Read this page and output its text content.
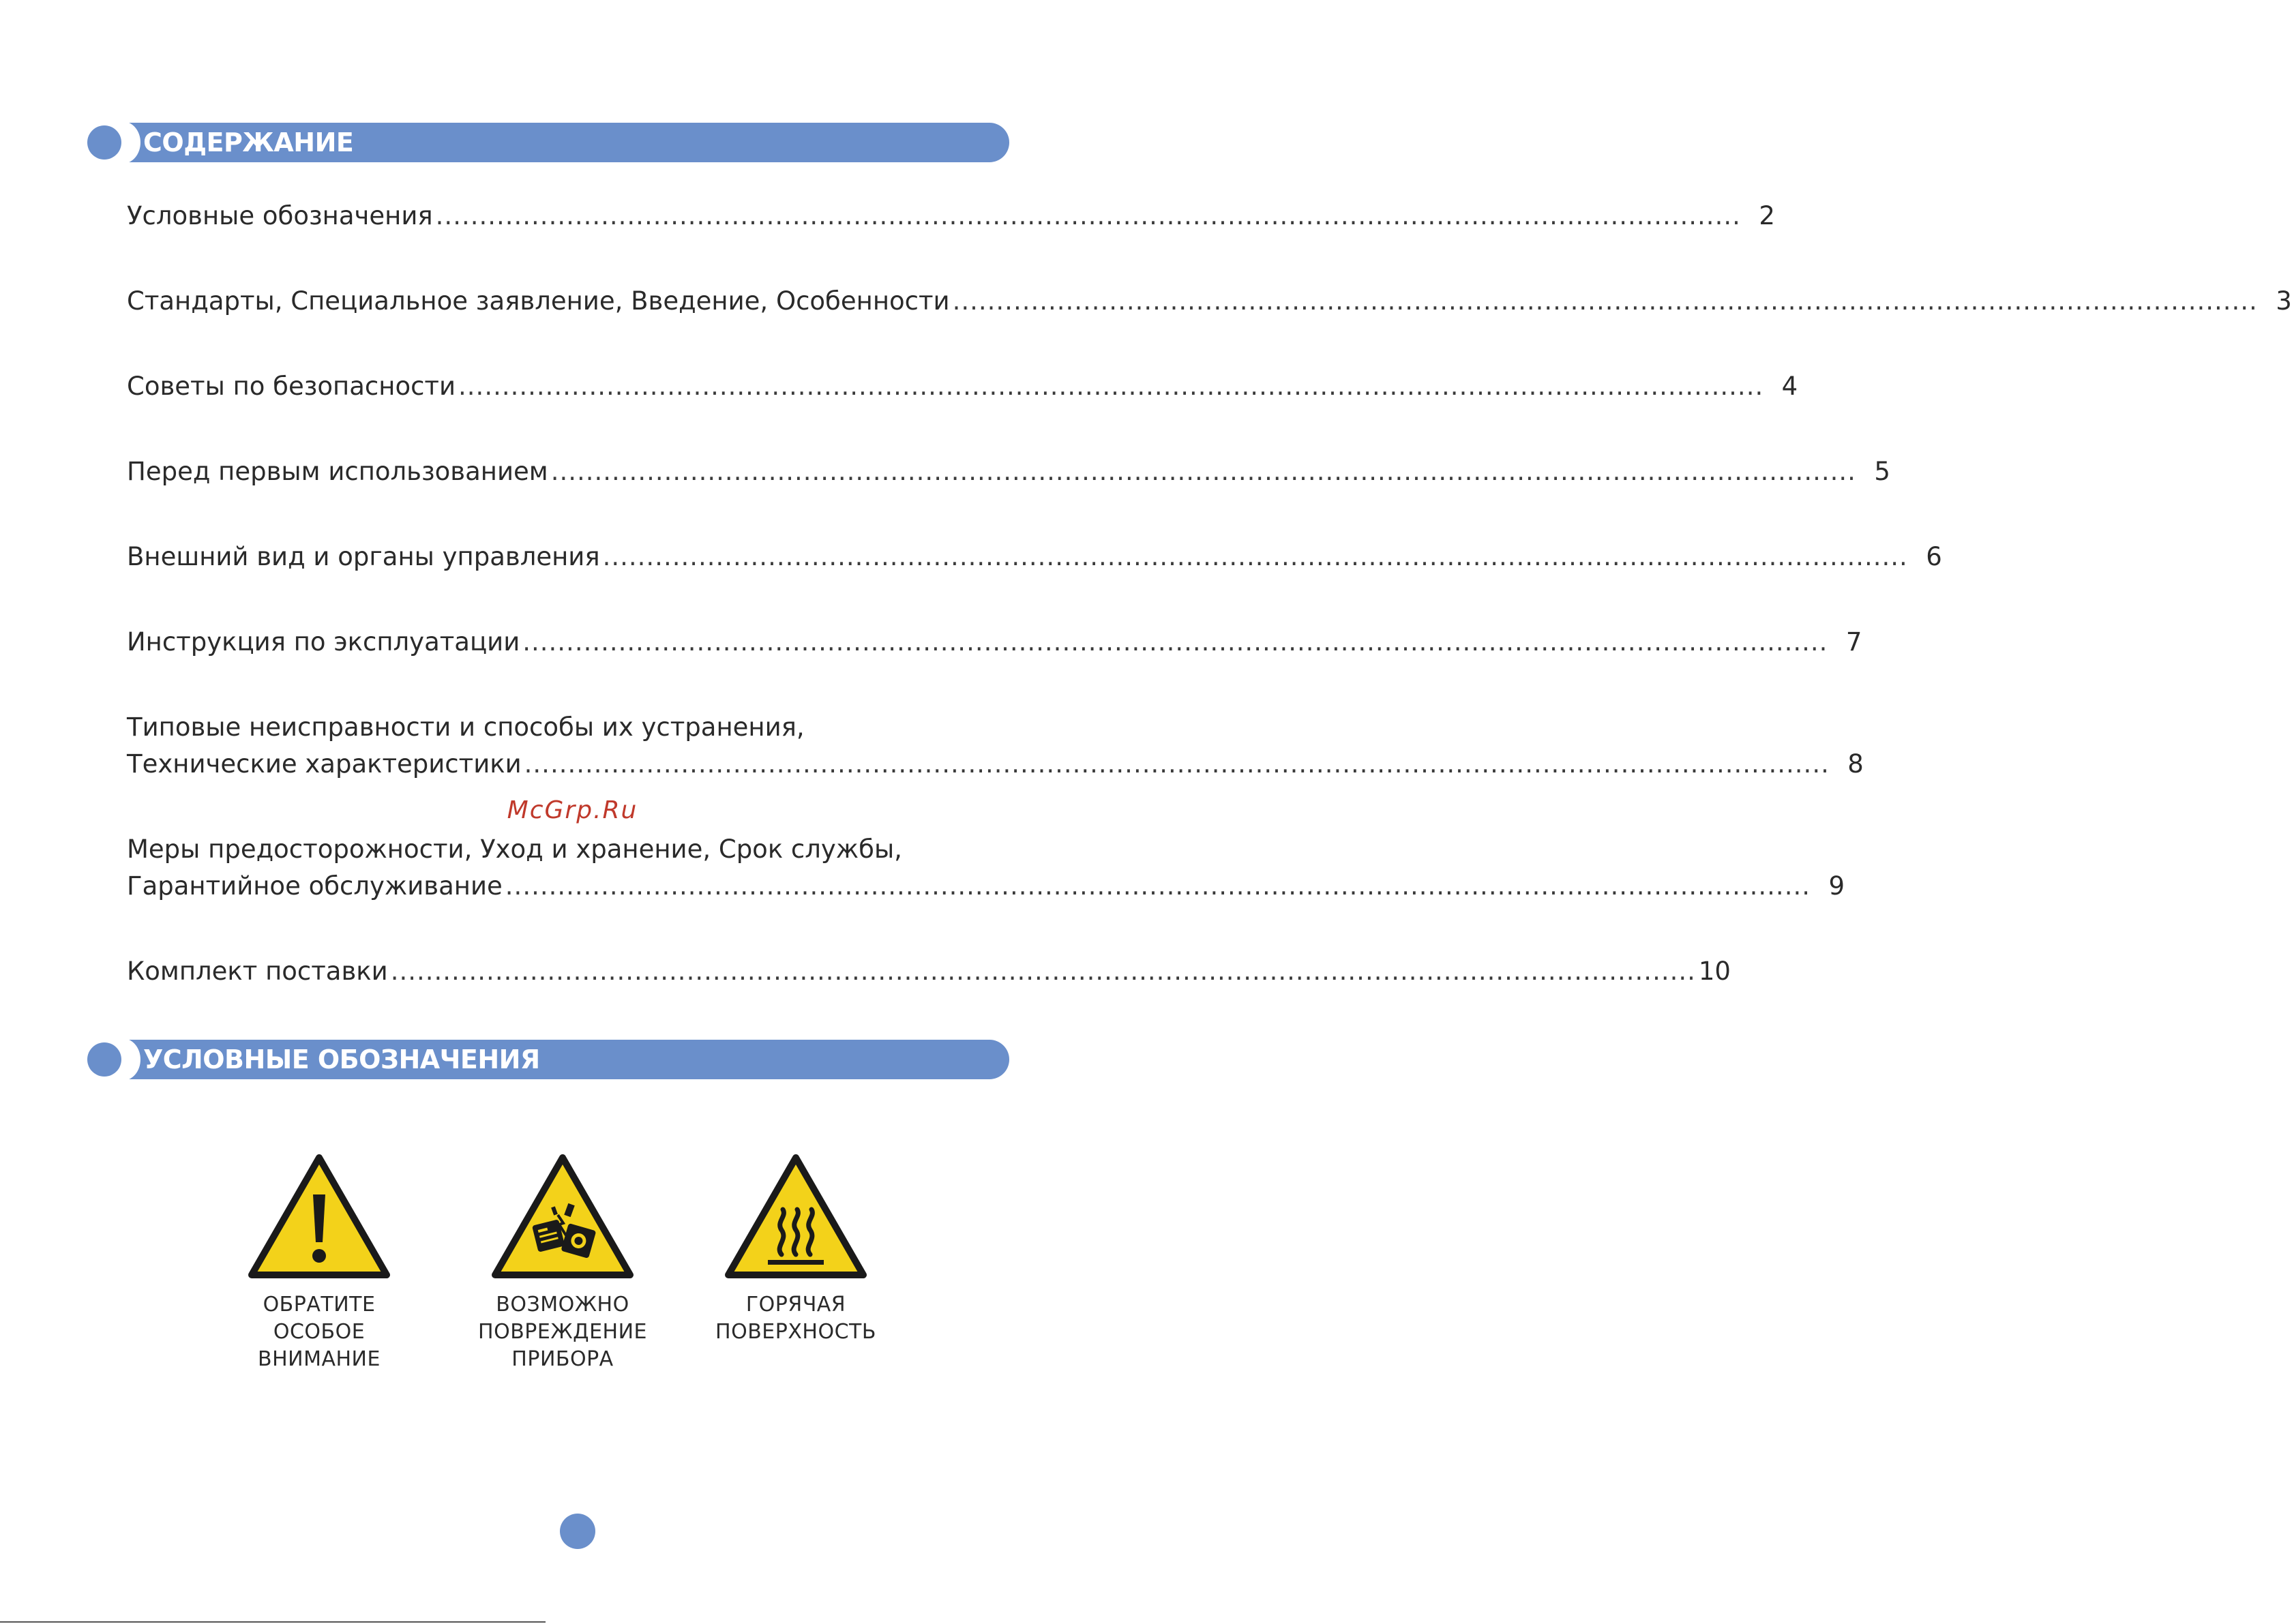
СОДЕРЖАНИЕ
Условные обозначения ...................................................................................................................................................... 2
Стандарты, Специальное заявление, Введение, Особенности ...................................................................................................................................................... 3
Советы по безопасности ...................................................................................................................................................... 4
Перед первым использованием ...................................................................................................................................................... 5
Внешний вид и органы управления ...................................................................................................................................................... 6
Инструкция по эксплуатации ...................................................................................................................................................... 7
Типовые неисправности и способы их устранения,
Технические характеристики ...................................................................................................................................................... 8
Меры предосторожности, Уход и хранение, Срок службы,
Гарантийное обслуживание ...................................................................................................................................................... 9
Комплект поставки ...................................................................................................................................................... 10
McGrp.Ru
УСЛОВНЫЕ ОБОЗНАЧЕНИЯ
ОБРАТИТЕ
ОСОБОЕ
ВНИМАНИЕ
ВОЗМОЖНО
ПОВРЕЖДЕНИЕ
ПРИБОРА
ГОРЯЧАЯ
ПОВЕРХНОСТЬ
